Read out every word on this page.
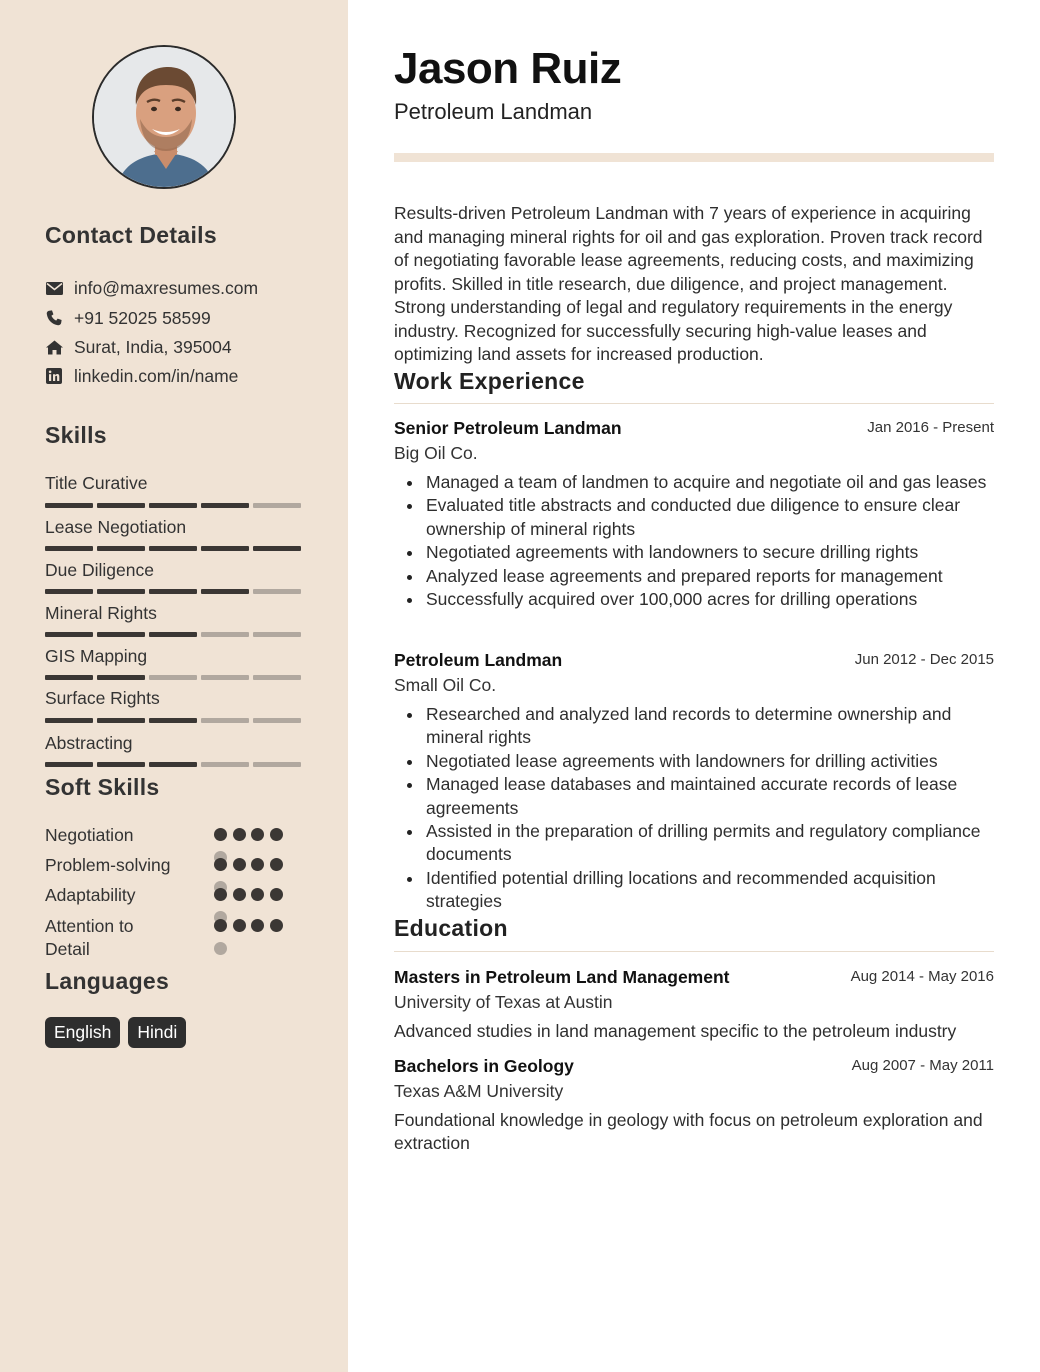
Contact Details
info@maxresumes.com
+91 52025 58599
Surat, India, 395004
linkedin.com/in/name
Skills
Title Curative
Lease Negotiation
Due Diligence
Mineral Rights
GIS Mapping
Surface Rights
Abstracting
Soft Skills
Negotiation
Problem-solving
Adaptability
Attention to Detail
Languages
English	Hindi
Jason Ruiz
Petroleum Landman

Results-driven Petroleum Landman with 7 years of experience in acquiring and managing mineral rights for oil and gas exploration. Proven track record of negotiating favorable lease agreements, reducing costs, and maximizing profits. Skilled in title research, due diligence, and project management. Strong understanding of legal and regulatory requirements in the energy industry. Recognized for successfully securing high-value leases and optimizing land assets for increased production.

Work Experience
Senior Petroleum Landman	Jan 2016 - Present
Big Oil Co.
Managed a team of landmen to acquire and negotiate oil and gas leases
Evaluated title abstracts and conducted due diligence to ensure clear ownership of mineral rights
Negotiated agreements with landowners to secure drilling rights
Analyzed lease agreements and prepared reports for management
Successfully acquired over 100,000 acres for drilling operations
Petroleum Landman	Jun 2012 - Dec 2015
Small Oil Co.
Researched and analyzed land records to determine ownership and mineral rights
Negotiated lease agreements with landowners for drilling activities
Managed lease databases and maintained accurate records of lease agreements
Assisted in the preparation of drilling permits and regulatory compliance documents
Identified potential drilling locations and recommended acquisition strategies
Education
Masters in Petroleum Land Management	Aug 2014 - May 2016
University of Texas at Austin
Advanced studies in land management specific to the petroleum industry
Bachelors in Geology	Aug 2007 - May 2011
Texas A&M University
Foundational knowledge in geology with focus on petroleum exploration and extraction
